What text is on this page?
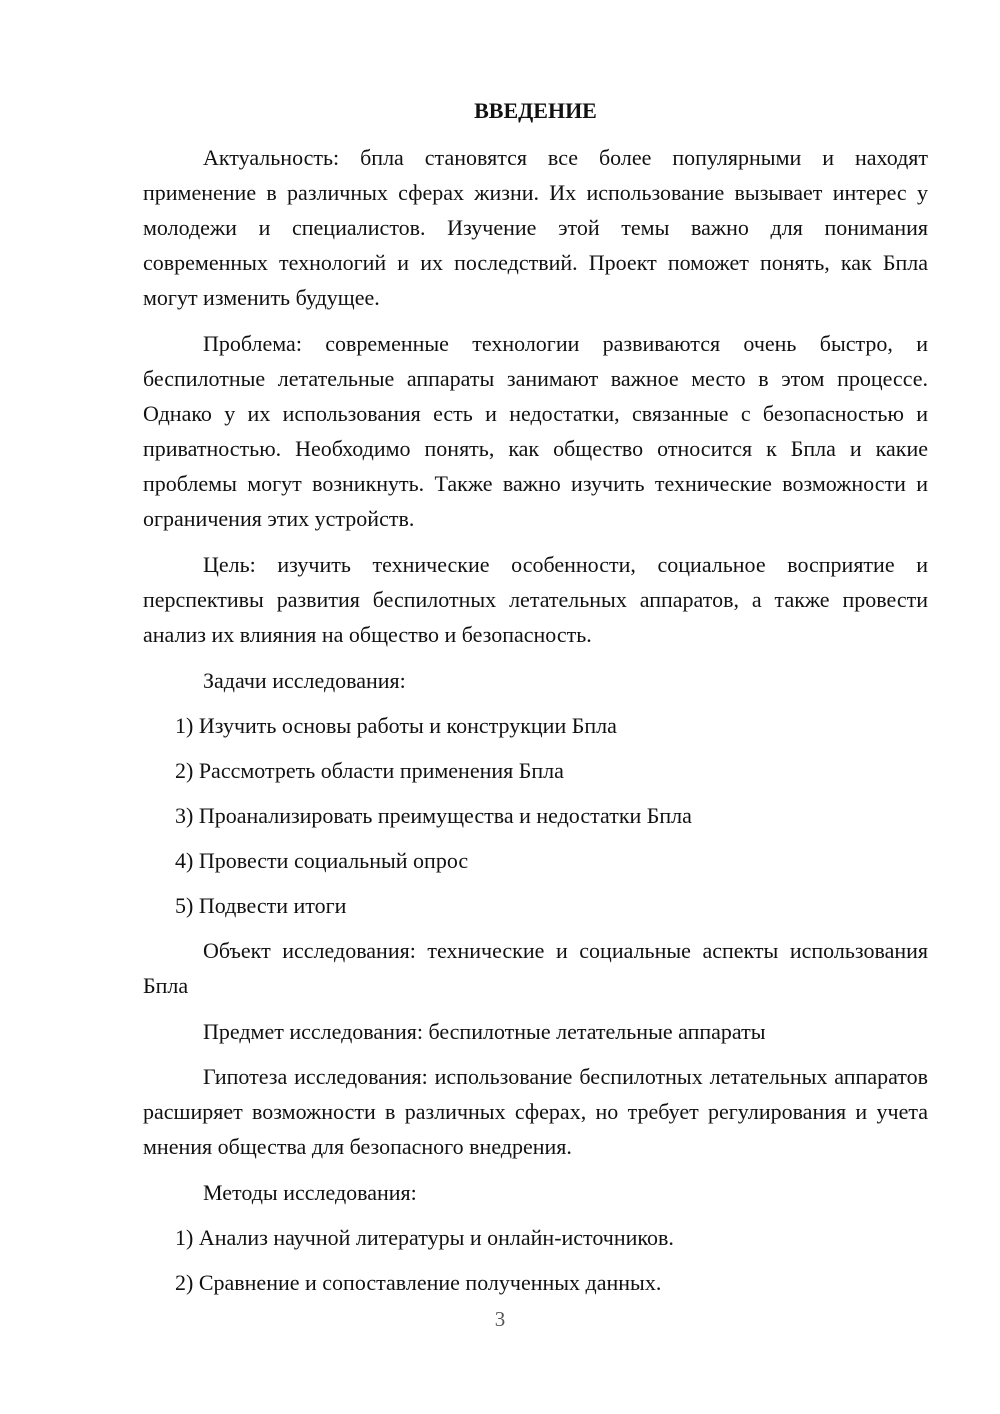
ВВЕДЕНИЕ

Актуальность: бпла становятся все более популярными и находят применение в различных сферах жизни. Их использование вызывает интерес у молодежи и специалистов. Изучение этой темы важно для понимания современных технологий и их последствий. Проект поможет понять, как Бпла могут изменить будущее.

Проблема: современные технологии развиваются очень быстро, и беспилотные летательные аппараты занимают важное место в этом процессе. Однако у их использования есть и недостатки, связанные с безопасностью и приватностью. Необходимо понять, как общество относится к Бпла и какие проблемы могут возникнуть. Также важно изучить технические возможности и ограничения этих устройств.

Цель: изучить технические особенности, социальное восприятие и перспективы развития беспилотных летательных аппаратов, а также провести анализ их влияния на общество и безопасность.

Задачи исследования:

1) Изучить основы работы и конструкции Бпла
2) Рассмотреть области применения Бпла
3) Проанализировать преимущества и недостатки Бпла
4) Провести социальный опрос
5) Подвести итоги

Объект исследования: технические и социальные аспекты использования Бпла

Предмет исследования: беспилотные летательные аппараты

Гипотеза исследования: использование беспилотных летательных аппаратов расширяет возможности в различных сферах, но требует регулирования и учета мнения общества для безопасного внедрения.

Методы исследования:

1) Анализ научной литературы и онлайн-источников.
2) Сравнение и сопоставление полученных данных.
3
